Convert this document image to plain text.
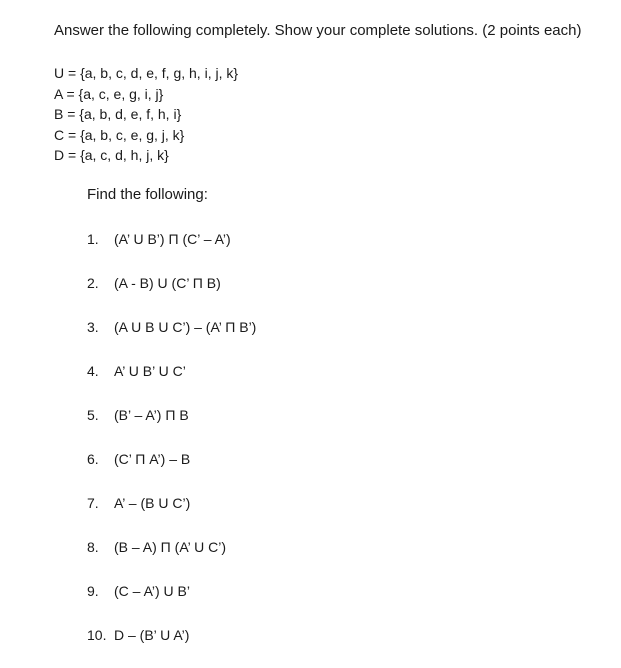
Answer the following completely. Show your complete solutions. (2 points each)
U = {a, b, c, d, e, f, g, h, i, j, k}
A = {a, c, e, g, i, j}
B = {a, b, d, e, f, h, i}
C = {a, b, c, e, g, j, k}
D = {a, c, d, h, j, k}
Find the following:
1.	(A’ U B’) Π (C’ – A’)
2.	(A - B) U (C’ Π B)
3.	(A U B U C’) – (A’ Π B’)
4.	A’ U B’ U C’
5.	(B’ – A’) Π B
6.	(C’ Π A’) – B
7.	A’ – (B U C’)
8.	(B – A) Π (A’ U C’)
9.	(C – A’) U B’
10. D – (B’ U A’)
